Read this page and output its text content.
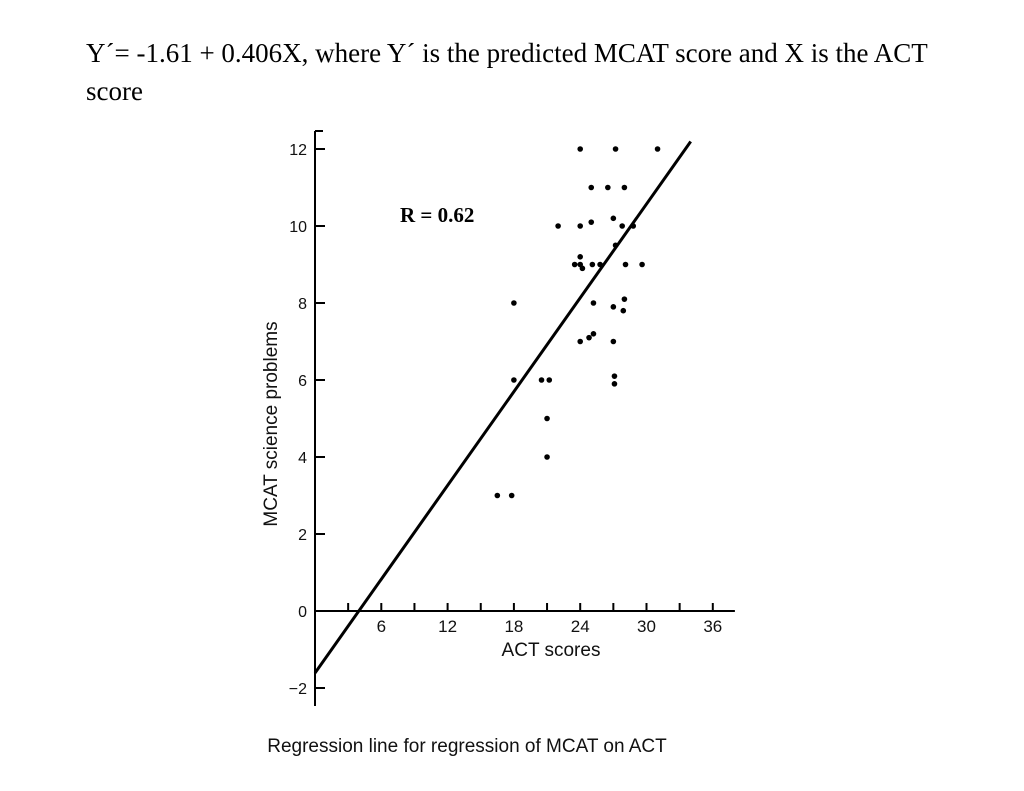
Y´= -1.61 + 0.406X, where Y´ is the predicted MCAT score and X is the ACT score
−2
0
2
4
6
8
10
12
6	12	18	24	30	36
R = 0.62
ACT scores
MCAT science problems
Regression line for regression of MCAT on ACT
